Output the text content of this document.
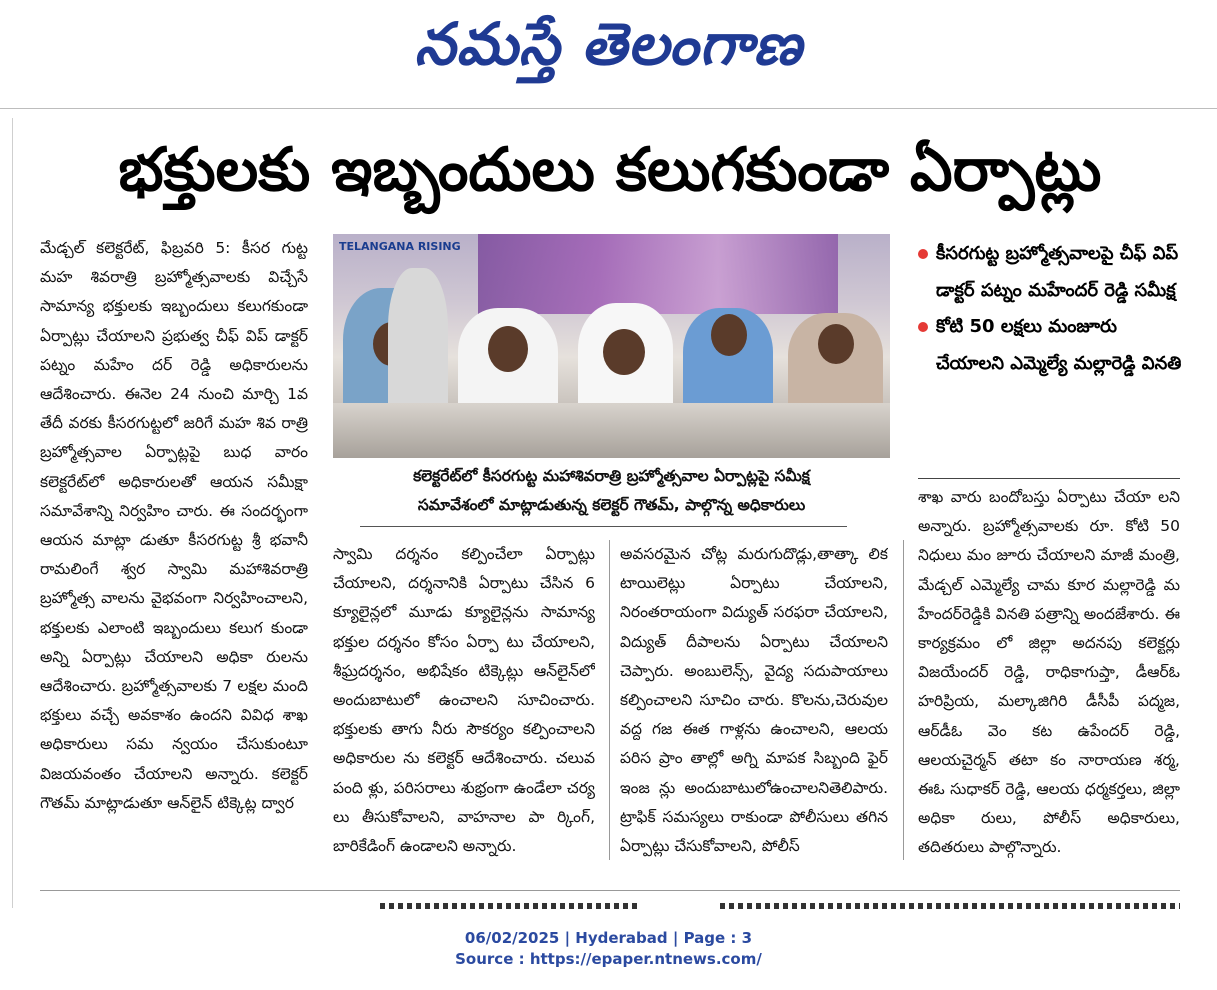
నమస్తే తెలంగాణ
భక్తులకు ఇబ్బందులు కలుగకుండా ఏర్పాట్లు

మేడ్చల్ కలెక్టరేట్, ఫిబ్రవరి 5: కీసర గుట్ట మహ శివరాత్రి బ్రహ్మోత్సవాలకు విచ్చేసే సామాన్య భక్తులకు ఇబ్బందులు కలుగకుండా ఏర్పాట్లు చేయాలని ప్రభుత్వ చీఫ్ విప్ డాక్టర్ పట్నం మహేం దర్ రెడ్డి అధికారులను ఆదేశించారు. ఈనెల 24 నుంచి మార్చి 1వ తేదీ వరకు కీసరగుట్టలో జరిగే మహ శివ రాత్రి బ్రహ్మోత్సవాల ఏర్పాట్లపై బుధ వారం కలెక్టరేట్‌లో అధికారులతో ఆయన సమీక్షా సమావేశాన్ని నిర్వహిం చారు. ఈ సందర్భంగా ఆయన మాట్లా డుతూ కీసరగుట్ట శ్రీ భవానీ రామలింగే శ్వర స్వామి మహాశివరాత్రి బ్రహ్మోత్స వాలను వైభవంగా నిర్వహించాలని, భక్తులకు ఎలాంటి ఇబ్బందులు కలుగ కుండా అన్ని ఏర్పాట్లు చేయాలని అధికా రులను ఆదేశించారు. బ్రహ్మోత్సవాలకు 7 లక్షల మంది భక్తులు వచ్చే అవకాశం ఉందని వివిధ శాఖ అధికారులు సమ న్వయం చేసుకుంటూ విజయవంతం చేయాలని అన్నారు. కలెక్టర్ గౌతమ్ మాట్లాడుతూ ఆన్‌లైన్ టిక్కెట్ల ద్వార

TELANGANA RISING
కలెక్టరేట్‌లో కీసరగుట్ట మహాశివరాత్రి బ్రహ్మోత్సవాల ఏర్పాట్లపై సమీక్ష
సమావేశంలో మాట్లాడుతున్న కలెక్టర్ గౌతమ్, పాల్గొన్న అధికారులు
కీసరగుట్ట బ్రహ్మోత్సవాలపై చీఫ్ విప్ డాక్టర్ పట్నం మహేందర్ రెడ్డి సమీక్ష
కోటి 50 లక్షలు మంజూరు చేయాలని ఎమ్మెల్యే మల్లారెడ్డి వినతి

స్వామి దర్శనం కల్పించేలా ఏర్పాట్లు చేయాలని, దర్శనానికి ఏర్పాటు చేసిన 6 క్యూలైన్లలో మూడు క్యూలైన్లను సామాన్య భక్తుల దర్శనం కోసం ఏర్పా టు చేయాలని, శీఘ్రదర్శనం, అభిషేకం టిక్కెట్లు ఆన్‌లైన్‌లో అందుబాటులో ఉంచాలని సూచించారు. భక్తులకు తాగు నీరు సౌకర్యం కల్పించాలని అధికారుల ను కలెక్టర్ ఆదేశించారు. చలువ పంది ళ్లు, పరిసరాలు శుభ్రంగా ఉండేలా చర్య లు తీసుకోవాలని, వాహనాల పా ర్కింగ్, బారికేడింగ్ ఉండాలని అన్నారు.

అవసరమైన చోట్ల మరుగుదొడ్లు,తాత్కా లిక టాయిలెట్లు ఏర్పాటు చేయాలని, నిరంతరాయంగా విద్యుత్ సరఫరా చేయాలని, విద్యుత్ దీపాలను ఏర్పాటు చేయాలని చెప్పారు. అంబులెన్స్, వైద్య సదుపాయాలు కల్పించాలని సూచిం చారు. కొలను,చెరువుల వద్ద గజ ఈత గాళ్లను ఉంచాలని, ఆలయ పరిస ప్రాం తాల్లో అగ్ని మాపక సిబ్బంది ఫైర్ ఇంజ న్లు అందుబాటులోఉంచాలనితెలిపారు. ట్రాఫిక్ సమస్యలు రాకుండా పోలీసులు తగిన ఏర్పాట్లు చేసుకోవాలని, పోలీస్

శాఖ వారు బందోబస్తు ఏర్పాటు చేయా లని అన్నారు. బ్రహ్మోత్సవాలకు రూ. కోటి 50 నిధులు మం జూరు చేయాలని మాజీ మంత్రి, మేడ్చల్ ఎమ్మెల్యే చామ కూర మల్లారెడ్డి మ హేందర్‌రెడ్డికి వినతి పత్రాన్ని అందజేశారు. ఈ కార్యక్రమం లో జిల్లా అదనపు కలెక్టర్లు విజయేందర్ రెడ్డి, రాధికాగుప్తా, డీఆర్‌ఓ హరిప్రియ, మల్కాజిగిరి డీసీపీ పద్మజ, ఆర్‌డీఓ వెం కట ఉపేందర్ రెడ్డి, ఆలయచైర్మన్ తటా కం నారాయణ శర్మ, ఈఓ సుధాకర్ రెడ్డి, ఆలయ ధర్మకర్తలు, జిల్లా అధికా రులు, పోలీస్ అధికారులు, తదితరులు పాల్గొన్నారు.

06/02/2025 | Hyderabad | Page : 3
Source : https://epaper.ntnews.com/
